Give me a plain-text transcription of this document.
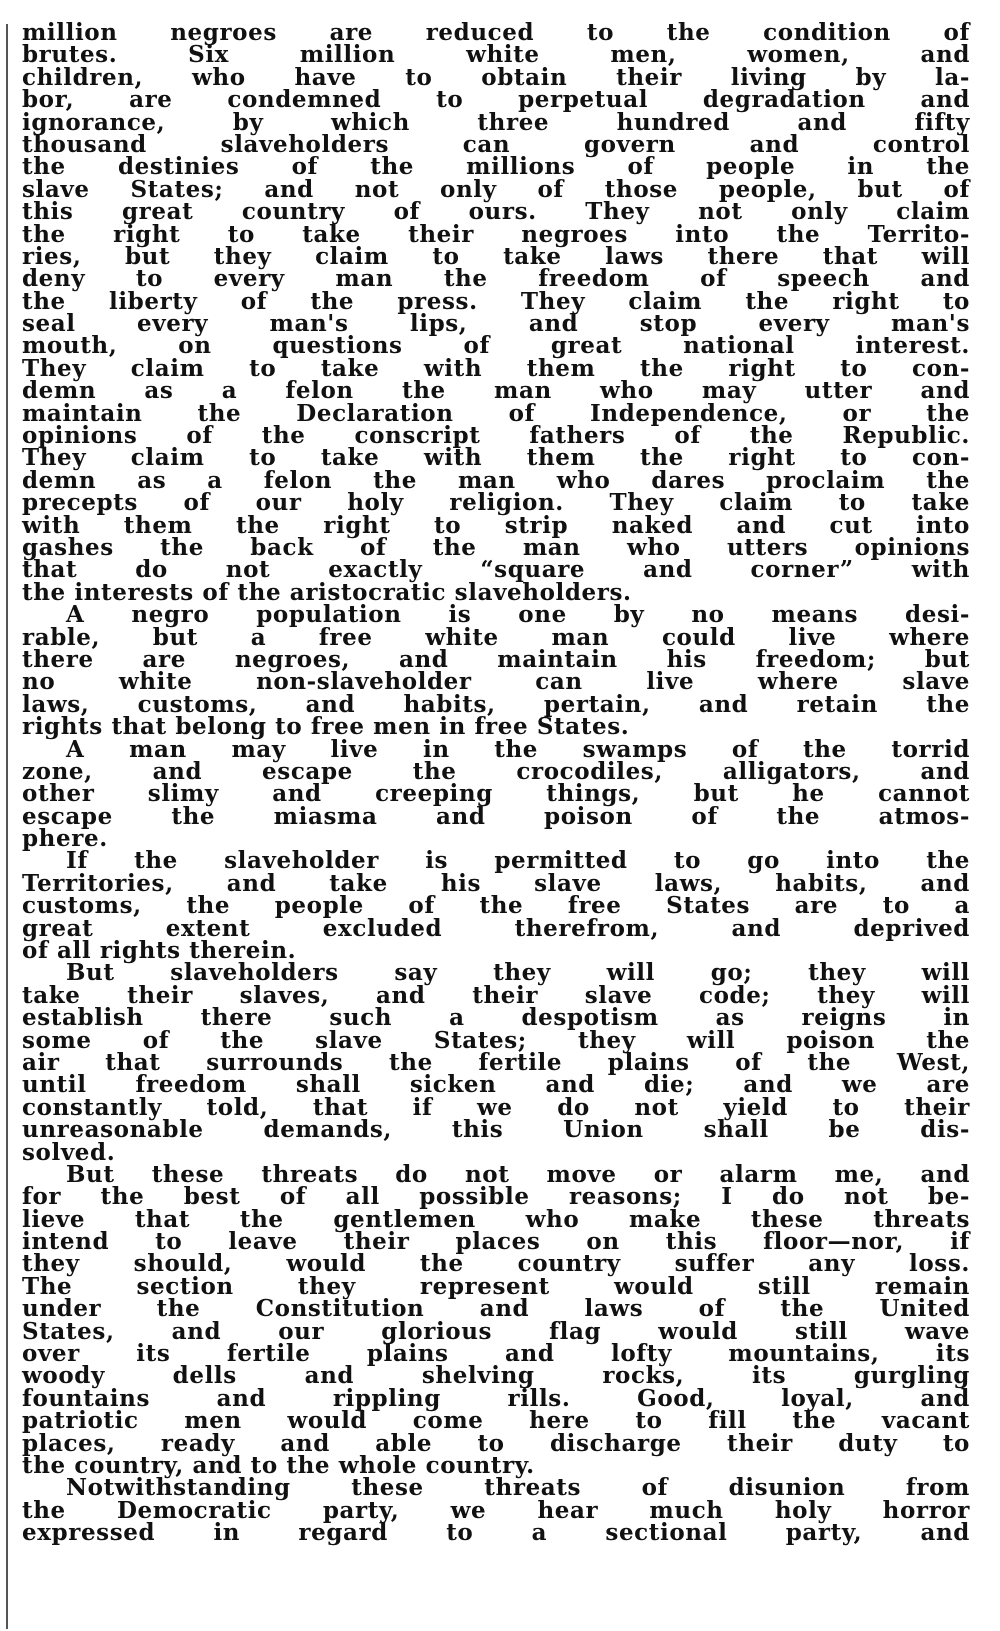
million negroes are reduced to the condition of
brutes. Six million white men, women, and
children, who have to obtain their living by la-
bor, are condemned to perpetual degradation and
ignorance, by which three hundred and fifty
thousand slaveholders can govern and control
the destinies of the millions of people in the
slave States; and not only of those people, but of
this great country of ours. They not only claim
the right to take their negroes into the Territo-
ries, but they claim to take laws there that will
deny to every man the freedom of speech and
the liberty of the press. They claim the right to
seal every man's lips, and stop every man's
mouth, on questions of great national interest.
They claim to take with them the right to con-
demn as a felon the man who may utter and
maintain the Declaration of Independence, or the
opinions of the conscript fathers of the Republic.
They claim to take with them the right to con-
demn as a felon the man who dares proclaim the
precepts of our holy religion. They claim to take
with them the right to strip naked and cut into
gashes the back of the man who utters opinions
that do not exactly “square and corner” with
the interests of the aristocratic slaveholders.
A negro population is one by no means desi-
rable, but a free white man could live where
there are negroes, and maintain his freedom; but
no white non-slaveholder can live where slave
laws, customs, and habits, pertain, and retain the
rights that belong to free men in free States.
A man may live in the swamps of the torrid
zone, and escape the crocodiles, alligators, and
other slimy and creeping things, but he cannot
escape the miasma and poison of the atmos-
phere.
If the slaveholder is permitted to go into the
Territories, and take his slave laws, habits, and
customs, the people of the free States are to a
great extent excluded therefrom, and deprived
of all rights therein.
But slaveholders say they will go; they will
take their slaves, and their slave code; they will
establish there such a despotism as reigns in
some of the slave States; they will poison the
air that surrounds the fertile plains of the West,
until freedom shall sicken and die; and we are
constantly told, that if we do not yield to their
unreasonable demands, this Union shall be dis-
solved.
But these threats do not move or alarm me, and
for the best of all possible reasons; I do not be-
lieve that the gentlemen who make these threats
intend to leave their places on this floor—nor, if
they should, would the country suffer any loss.
The section they represent would still remain
under the Constitution and laws of the United
States, and our glorious flag would still wave
over its fertile plains and lofty mountains, its
woody dells and shelving rocks, its gurgling
fountains and rippling rills. Good, loyal, and
patriotic men would come here to fill the vacant
places, ready and able to discharge their duty to
the country, and to the whole country.
Notwithstanding these threats of disunion from
the Democratic party, we hear much holy horror
expressed in regard to a sectional party, and
